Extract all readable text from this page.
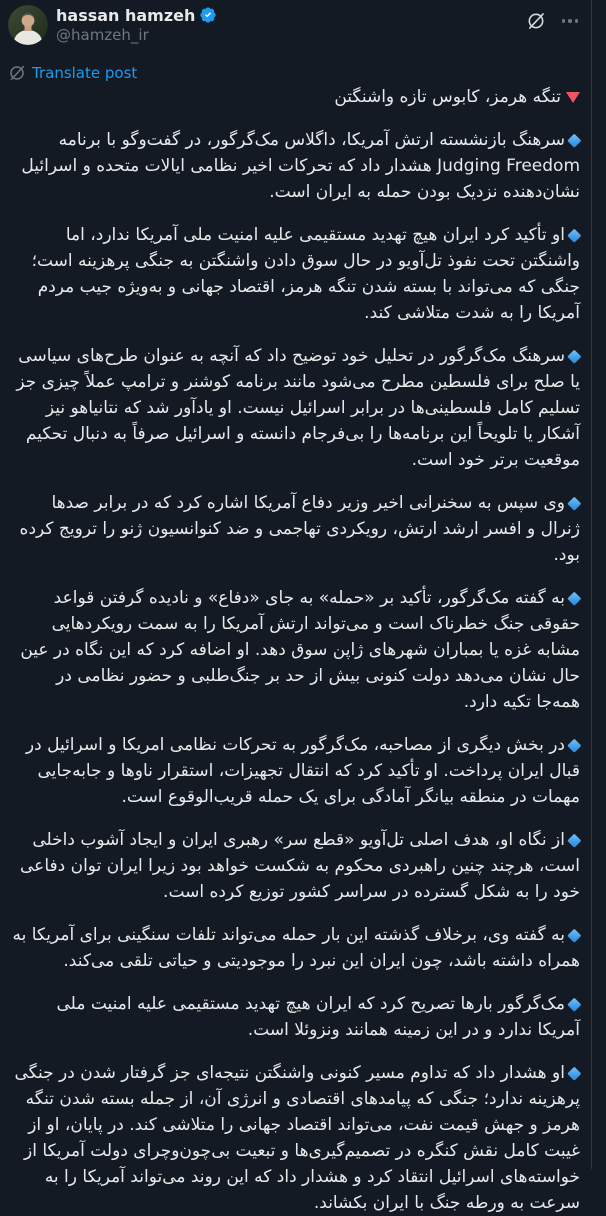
hassan hamzeh
@hamzeh_ir
Translate post

تنگه هرمز، کابوس تازه واشنگتن

سرهنگ بازنشسته ارتش آمریکا، داگلاس مک‌گرگور، در گفت‌وگو با برنامه Judging Freedom هشدار داد که تحرکات اخیر نظامی ایالات متحده و اسرائیل نشان‌دهنده نزدیک بودن حمله به ایران است.

او تأکید کرد ایران هیچ تهدید مستقیمی علیه امنیت ملی آمریکا ندارد، اما واشنگتن تحت نفوذ تل‌آویو در حال سوق دادن واشنگتن به جنگی پرهزینه است؛ جنگی که می‌تواند با بسته شدن تنگه هرمز، اقتصاد جهانی و به‌ویژه جیب مردم آمریکا را به شدت متلاشی کند.

سرهنگ مک‌گرگور در تحلیل خود توضیح داد که آنچه به عنوان طرح‌های سیاسی یا صلح برای فلسطین مطرح می‌شود مانند برنامه کوشنر و ترامپ عملاً چیزی جز تسلیم کامل فلسطینی‌ها در برابر اسرائیل نیست. او یادآور شد که نتانیاهو نیز آشکار یا تلویحاً این برنامه‌ها را بی‌فرجام دانسته و اسرائیل صرفاً به دنبال تحکیم موقعیت برتر خود است.

وی سپس به سخنرانی اخیر وزیر دفاع آمریکا اشاره کرد که در برابر صدها ژنرال و افسر ارشد ارتش، رویکردی تهاجمی و ضد کنوانسیون ژنو را ترویج کرده بود.

به گفته مک‌گرگور، تأکید بر «حمله» به جای «دفاع» و نادیده گرفتن قواعد حقوقی جنگ خطرناک است و می‌تواند ارتش آمریکا را به سمت رویکردهایی مشابه غزه یا بمباران شهرهای ژاپن سوق دهد. او اضافه کرد که این نگاه در عین حال نشان می‌دهد دولت کنونی بیش از حد بر جنگ‌طلبی و حضور نظامی در همه‌جا تکیه دارد.

در بخش دیگری از مصاحبه، مک‌گرگور به تحرکات نظامی امریکا و اسرائیل در قبال ایران پرداخت. او تأکید کرد که انتقال تجهیزات، استقرار ناوها و جابه‌جایی مهمات در منطقه بیانگر آمادگی برای یک حمله قریب‌الوقوع است.

از نگاه او، هدف اصلی تل‌آویو «قطع سر» رهبری ایران و ایجاد آشوب داخلی است، هرچند چنین راهبردی محکوم به شکست خواهد بود زیرا ایران توان دفاعی خود را به شکل گسترده در سراسر کشور توزیع کرده است.

به گفته وی، برخلاف گذشته این بار حمله می‌تواند تلفات سنگینی برای آمریکا به همراه داشته باشد، چون ایران این نبرد را موجودیتی و حیاتی تلقی می‌کند.

مک‌گرگور بارها تصریح کرد که ایران هیچ تهدید مستقیمی علیه امنیت ملی آمریکا ندارد و در این زمینه همانند ونزوئلا است.

او هشدار داد که تداوم مسیر کنونی واشنگتن نتیجه‌ای جز گرفتار شدن در جنگی پرهزینه ندارد؛ جنگی که پیامدهای اقتصادی و انرژی آن، از جمله بسته شدن تنگه هرمز و جهش قیمت نفت، می‌تواند اقتصاد جهانی را متلاشی کند. در پایان، او از غیبت کامل نقش کنگره در تصمیم‌گیری‌ها و تبعیت بی‌چون‌وچرای دولت آمریکا از خواسته‌های اسرائیل انتقاد کرد و هشدار داد که این روند می‌تواند آمریکا را به سرعت به ورطه جنگ با ایران بکشاند.
